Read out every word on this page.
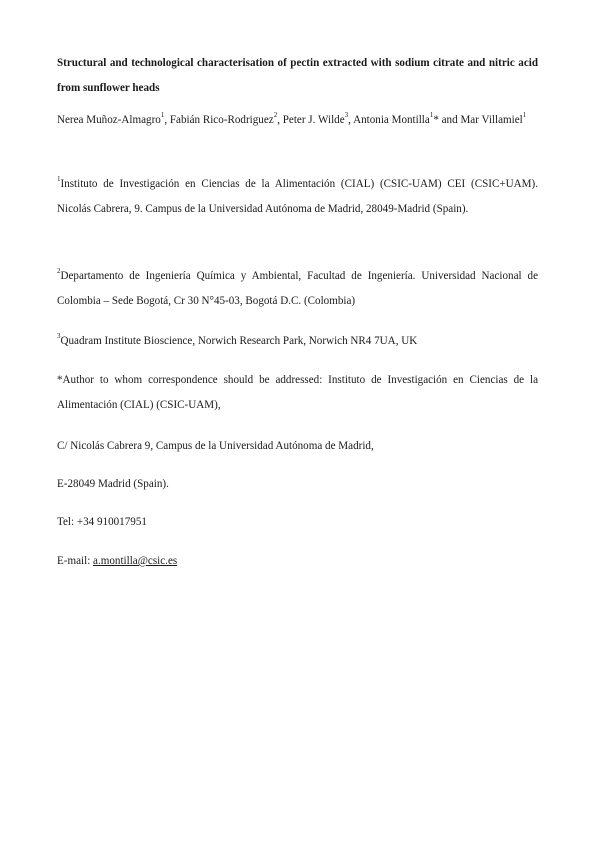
Structural and technological characterisation of pectin extracted with sodium citrate and nitric acid from sunflower heads

Nerea Muñoz-Almagro$^1$, Fabián Rico-Rodriguez$^2$, Peter J. Wilde$^3$, Antonia Montilla$^1$* and Mar Villamiel$^1$

$^1$Instituto de Investigación en Ciencias de la Alimentación (CIAL) (CSIC-UAM) CEI (CSIC+UAM). Nicolás Cabrera, 9. Campus de la Universidad Autónoma de Madrid, 28049-Madrid (Spain).

$^2$Departamento de Ingeniería Química y Ambiental, Facultad de Ingeniería. Universidad Nacional de Colombia – Sede Bogotá, Cr 30 N°45-03, Bogotá D.C. (Colombia)

$^3$Quadram Institute Bioscience, Norwich Research Park, Norwich NR4 7UA, UK

*Author to whom correspondence should be addressed: Instituto de Investigación en Ciencias de la Alimentación (CIAL) (CSIC-UAM),

C/ Nicolás Cabrera 9, Campus de la Universidad Autónoma de Madrid,

E-28049 Madrid (Spain).

Tel: +34 910017951

E-mail: a.montilla@csic.es
